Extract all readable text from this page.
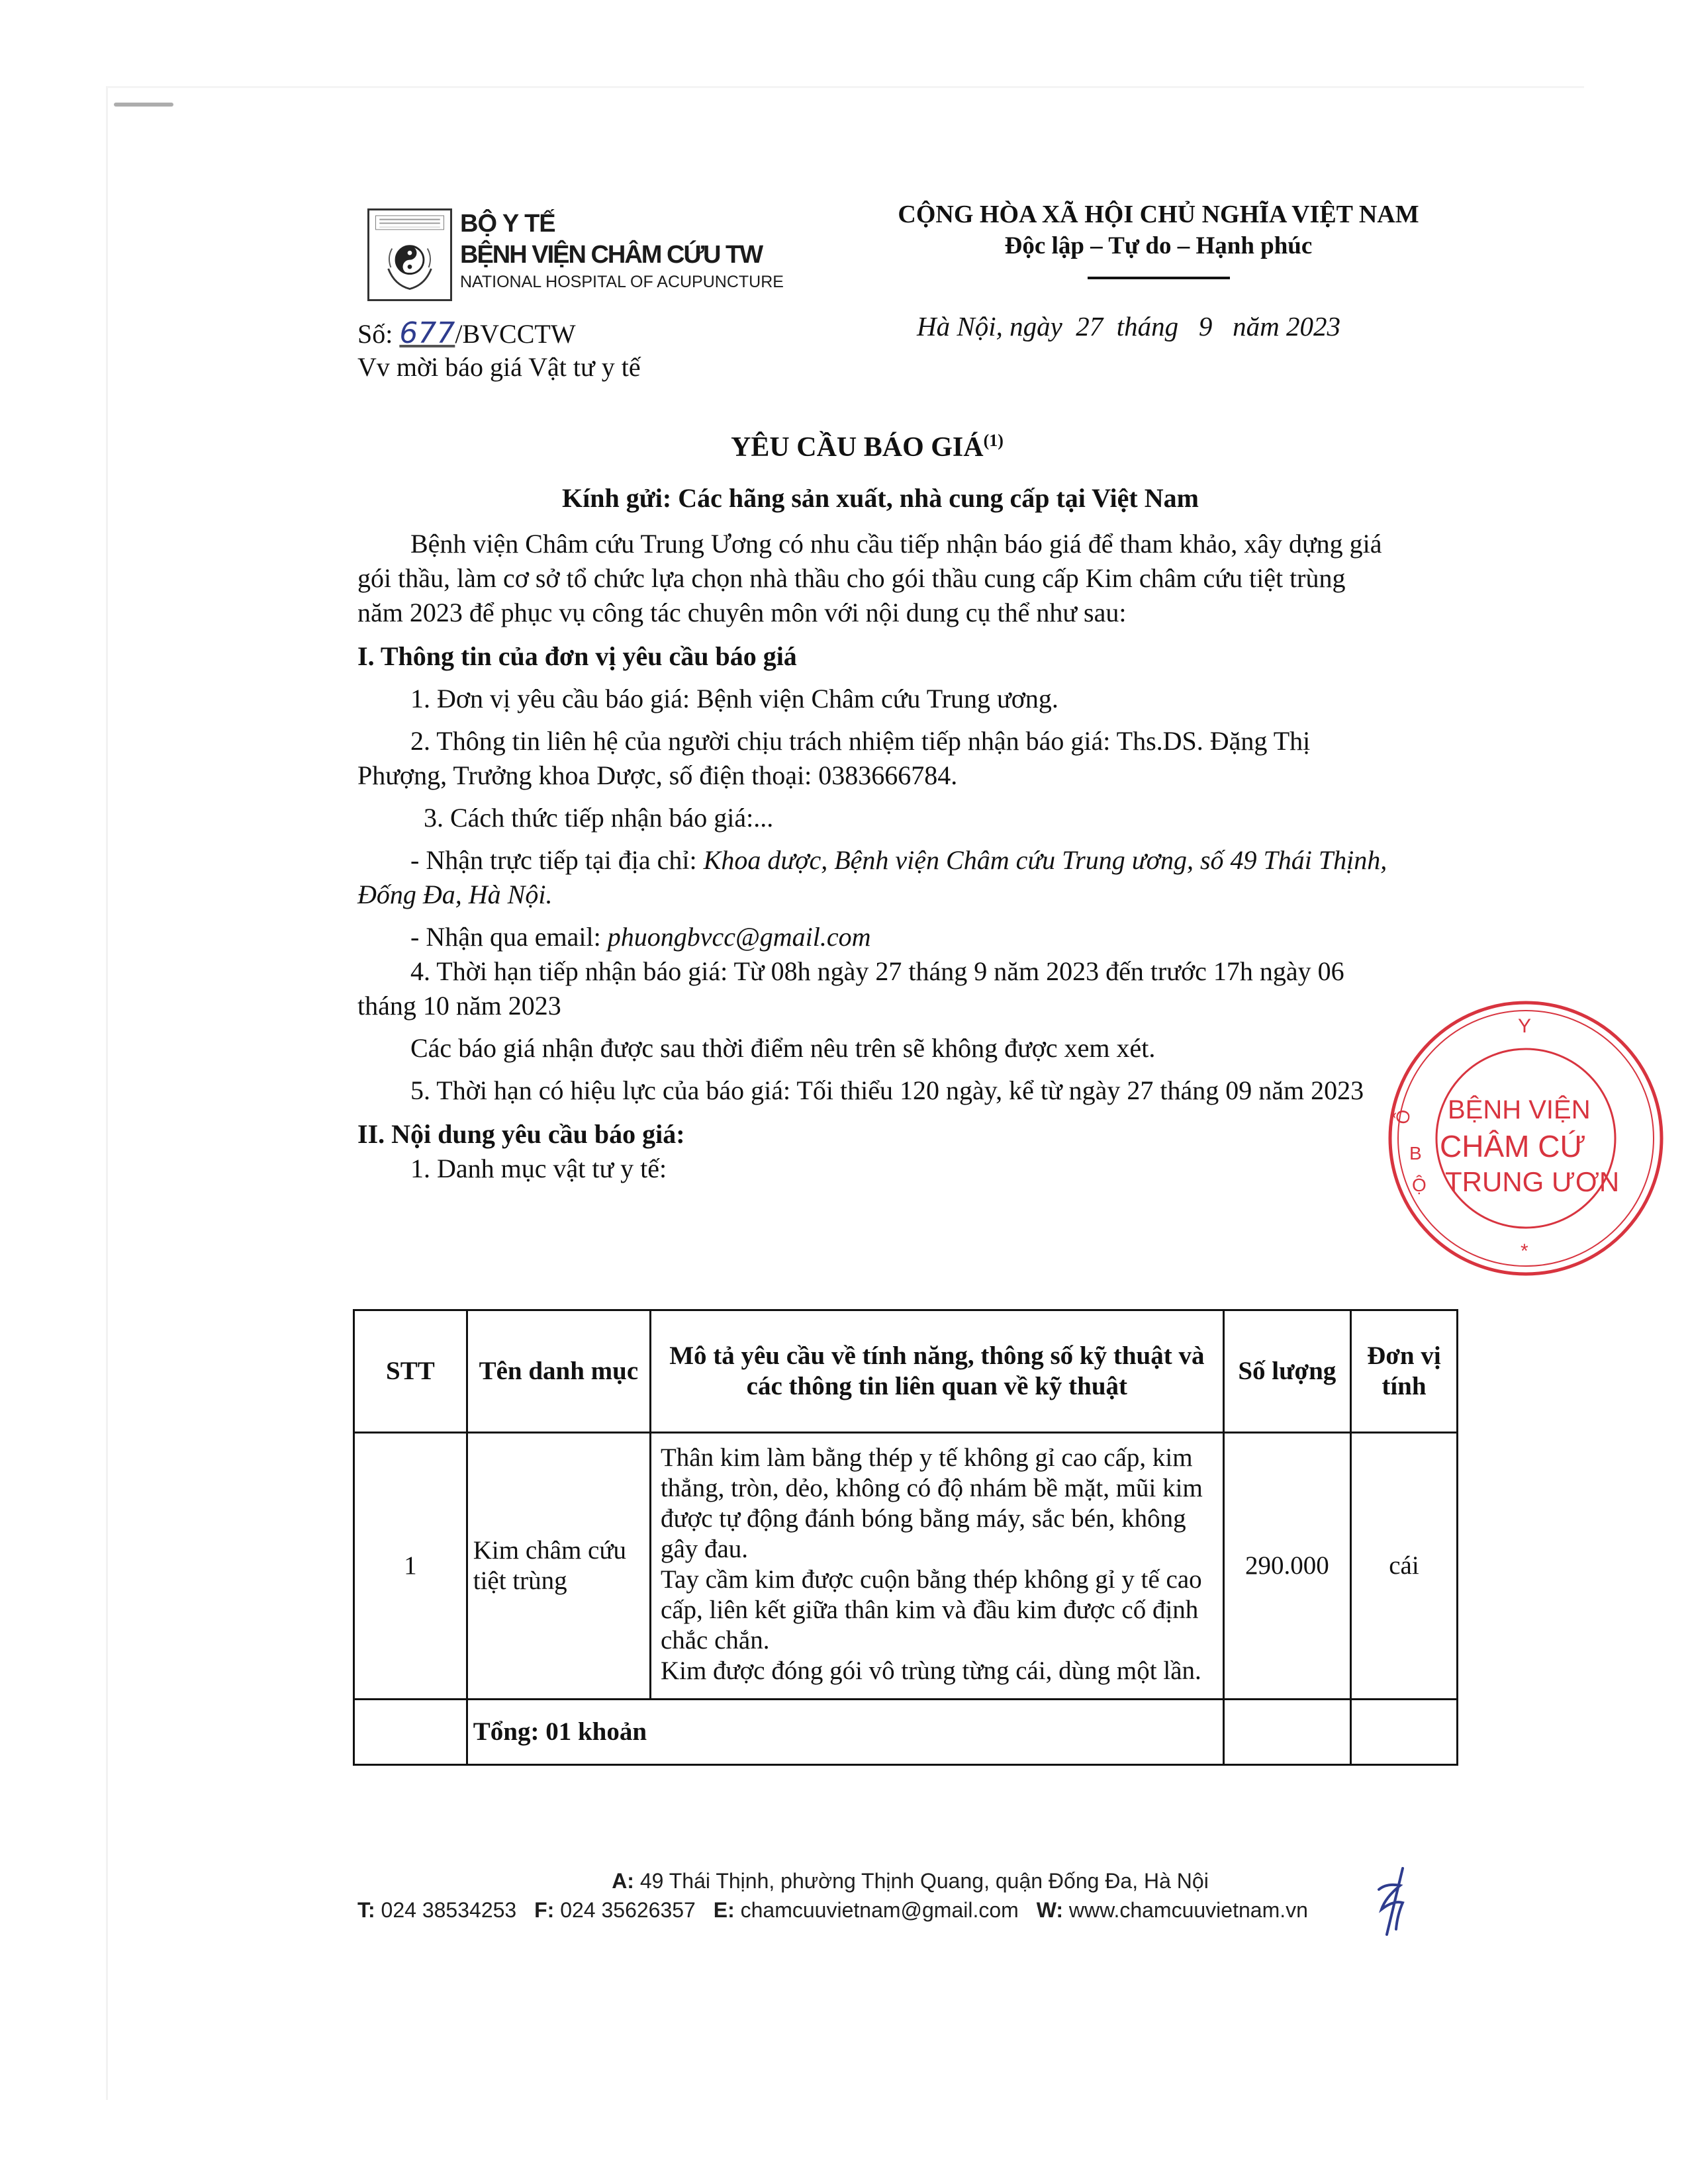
BỘ Y TẾ
BỆNH VIỆN CHÂM CỨU TW
NATIONAL HOSPITAL OF ACUPUNCTURE
Số: 677/BVCCTW
Vv mời báo giá Vật tư y tế
CỘNG HÒA XÃ HỘI CHỦ NGHĨA VIỆT NAM
Độc lập – Tự do – Hạnh phúc
Hà Nội, ngày  27  tháng   9   năm 2023
YÊU CẦU BÁO GIÁ$^{(1)}$
Kính gửi: Các hãng sản xuất, nhà cung cấp tại Việt Nam

Bệnh viện Châm cứu Trung Ương có nhu cầu tiếp nhận báo giá để tham khảo, xây dựng giá gói thầu, làm cơ sở tổ chức lựa chọn nhà thầu cho gói thầu cung cấp Kim châm cứu tiệt trùng năm 2023 để phục vụ công tác chuyên môn với nội dung cụ thể như sau:

I. Thông tin của đơn vị yêu cầu báo giá

1. Đơn vị yêu cầu báo giá: Bệnh viện Châm cứu Trung ương.

2. Thông tin liên hệ của người chịu trách nhiệm tiếp nhận báo giá: Ths.DS. Đặng Thị Phượng, Trưởng khoa Dược, số điện thoại: 0383666784.

3. Cách thức tiếp nhận báo giá:...

- Nhận trực tiếp tại địa chỉ: Khoa dược, Bệnh viện Châm cứu Trung ương, số 49 Thái Thịnh, Đống Đa, Hà Nội.

- Nhận qua email: phuongbvcc@gmail.com

4. Thời hạn tiếp nhận báo giá: Từ 08h ngày 27 tháng 9 năm 2023 đến trước 17h ngày 06 tháng 10 năm 2023

Các báo giá nhận được sau thời điểm nêu trên sẽ không được xem xét.

5. Thời hạn có hiệu lực của báo giá: Tối thiểu 120 ngày, kể từ ngày 27 tháng 09 năm 2023

II. Nội dung yêu cầu báo giá:

1. Danh mục vật tư y tế:

STT	Tên danh mục	Mô tả yêu cầu về tính năng, thông số kỹ thuật và các thông tin liên quan về kỹ thuật	Số lượng	Đơn vị tính
1	Kim châm cứu tiệt trùng	Thân kim làm bằng thép y tế không gỉ cao cấp, kim thẳng, tròn, dẻo, không có độ nhám bề mặt, mũi kim được tự động đánh bóng bằng máy, sắc bén, không gây đau.
Tay cầm kim được cuộn bằng thép không gỉ y tế cao cấp, liên kết giữa thân kim và đầu kim được cố định chắc chắn.
Kim được đóng gói vô trùng từng cái, dùng một lần.	290.000	cái
	Tổng: 01 khoản			
Y
Ô
B
Ộ
*
BỆNH VIỆN
CHÂM CỨ
TRUNG ƯƠN
A: 49 Thái Thịnh, phường Thịnh Quang, quận Đống Đa, Hà Nội
T: 024 38534253 F: 024 35626357 E: chamcuuvietnam@gmail.com W: www.chamcuuvietnam.vn
